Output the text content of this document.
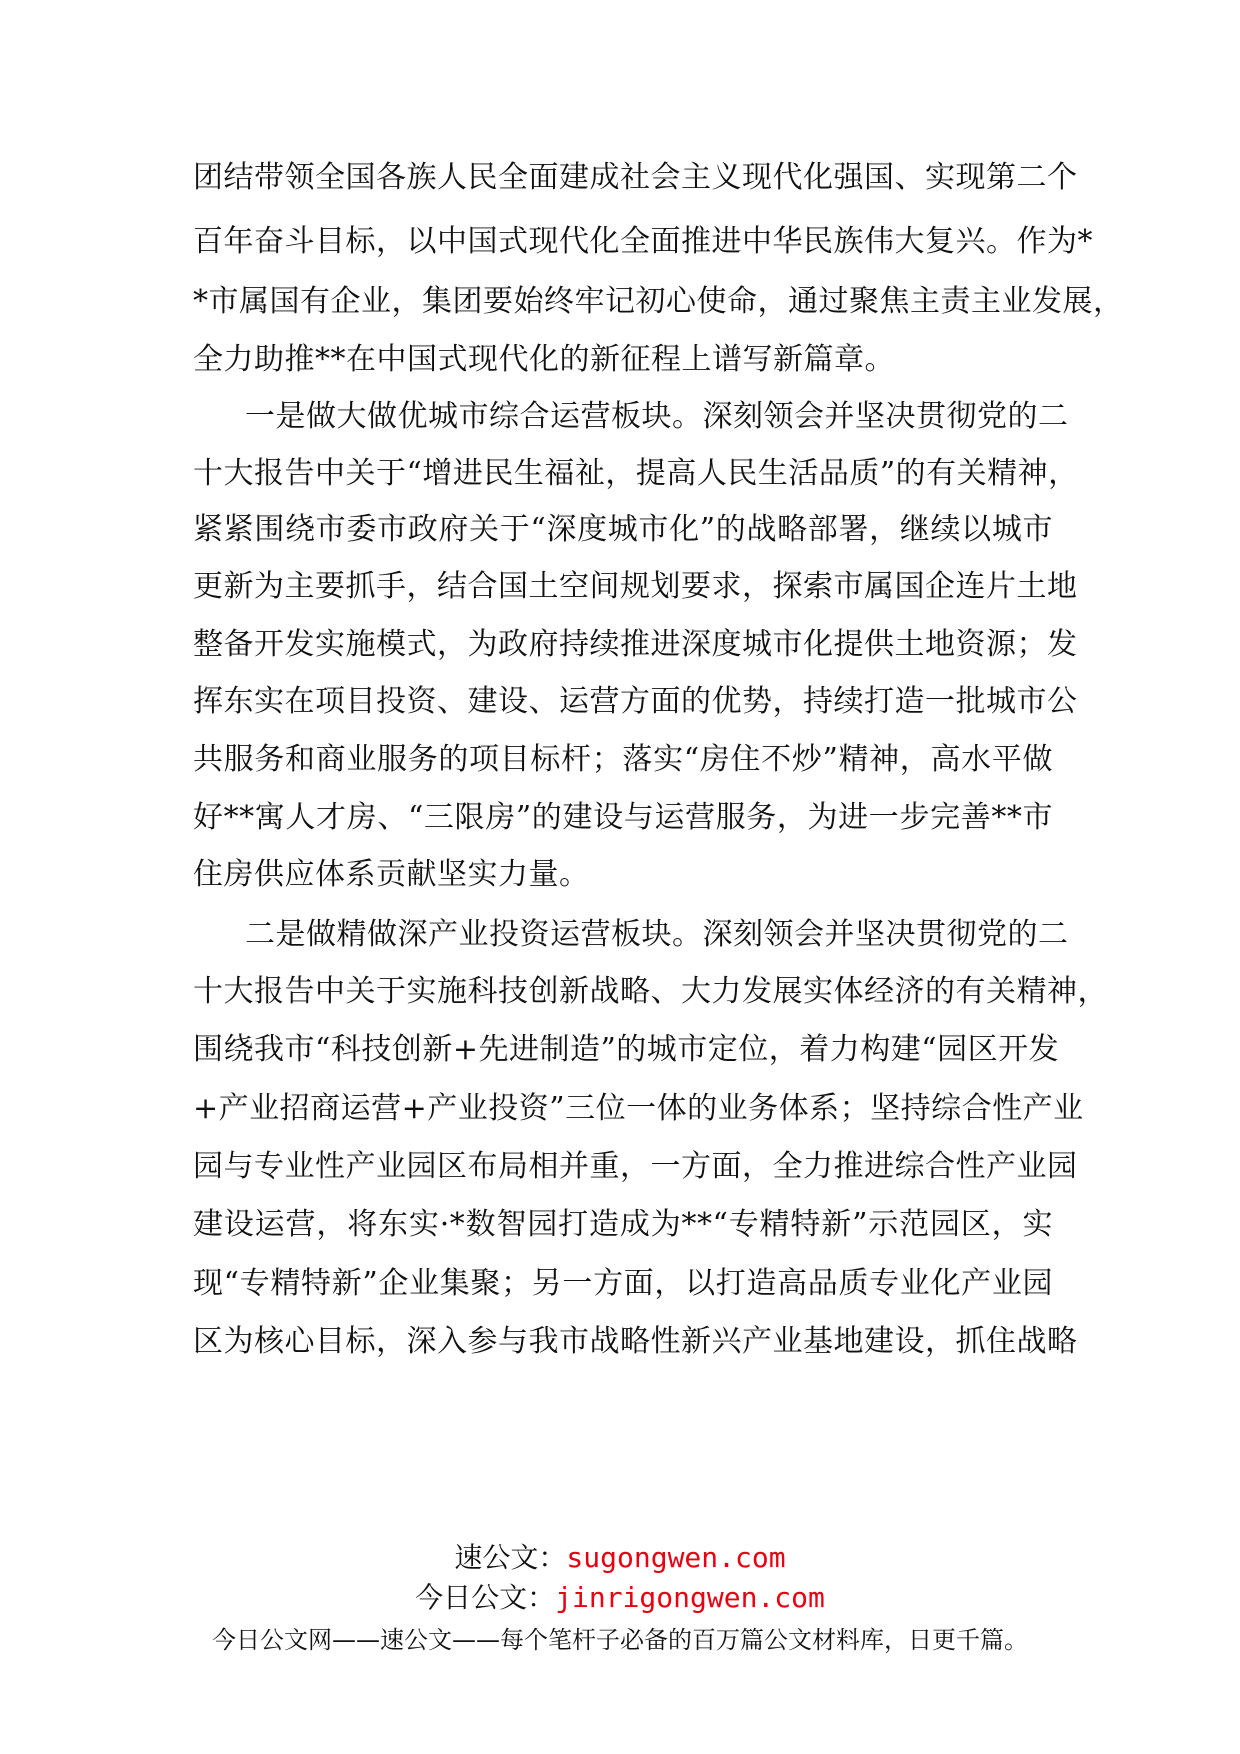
团结带领全国各族人民全面建成社会主义现代化强国、实现第二个
百年奋斗目标，以中国式现代化全面推进中华民族伟大复兴。作为*
*市属国有企业，集团要始终牢记初心使命，通过聚焦主责主业发展，
全力助推**在中国式现代化的新征程上谱写新篇章。
一是做大做优城市综合运营板块。深刻领会并坚决贯彻党的二
十大报告中关于“增进民生福祉，提高人民生活品质”的有关精神，
紧紧围绕市委市政府关于“深度城市化”的战略部署，继续以城市
更新为主要抓手，结合国土空间规划要求，探索市属国企连片土地
整备开发实施模式，为政府持续推进深度城市化提供土地资源；发
挥东实在项目投资、建设、运营方面的优势，持续打造一批城市公
共服务和商业服务的项目标杆；落实“房住不炒”精神，高水平做
好**寓人才房、“三限房”的建设与运营服务，为进一步完善**市
住房供应体系贡献坚实力量。
二是做精做深产业投资运营板块。深刻领会并坚决贯彻党的二
十大报告中关于实施科技创新战略、大力发展实体经济的有关精神，
围绕我市“科技创新+先进制造”的城市定位，着力构建“园区开发
+产业招商运营+产业投资”三位一体的业务体系；坚持综合性产业
园与专业性产业园区布局相并重，一方面，全力推进综合性产业园
建设运营，将东实·*数智园打造成为**“专精特新”示范园区，实
现“专精特新”企业集聚；另一方面，以打造高品质专业化产业园
区为核心目标，深入参与我市战略性新兴产业基地建设，抓住战略
速公文：sugongwen.com
今日公文：jinrigongwen.com
今日公文网——速公文——每个笔杆子必备的百万篇公文材料库，日更千篇。
